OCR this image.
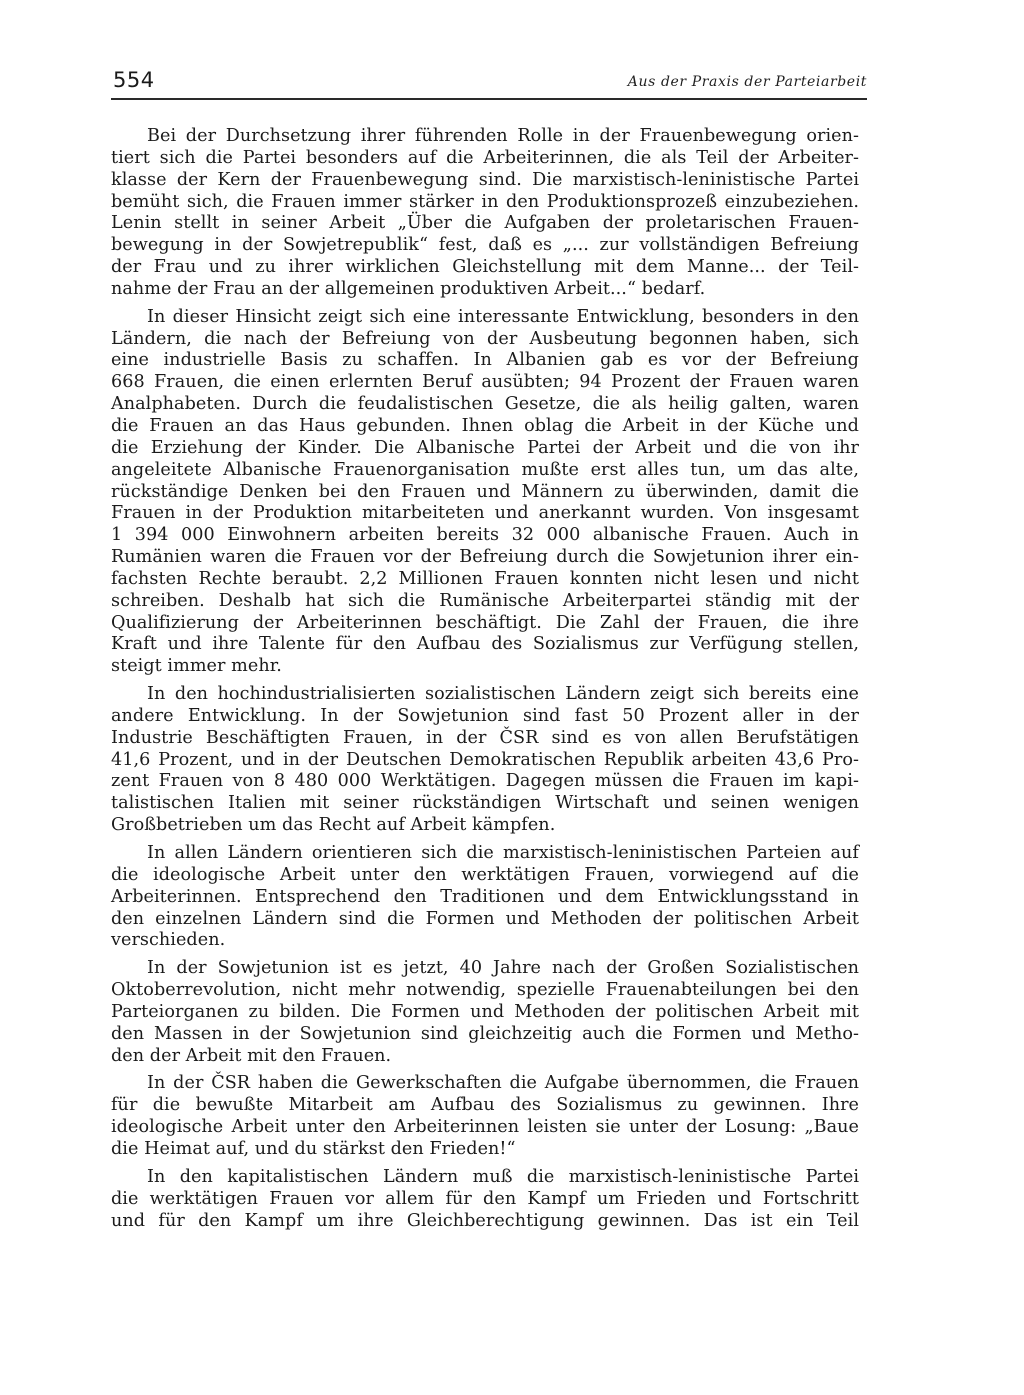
554	Aus der Praxis der Parteiarbeit
Bei der Durchsetzung ihrer führenden Rolle in der Frauenbewegung orien-
tiert sich die Partei besonders auf die Arbeiterinnen, die als Teil der Arbeiter-
klasse der Kern der Frauenbewegung sind. Die marxistisch-leninistische Partei
bemüht sich, die Frauen immer stärker in den Produktionsprozeß einzubeziehen.
Lenin stellt in seiner Arbeit „Über die Aufgaben der proletarischen Frauen-
bewegung in der Sowjetrepublik“ fest, daß es „... zur vollständigen Befreiung
der Frau und zu ihrer wirklichen Gleichstellung mit dem Manne... der Teil-
nahme der Frau an der allgemeinen produktiven Arbeit...“ bedarf.
In dieser Hinsicht zeigt sich eine interessante Entwicklung, besonders in den
Ländern, die nach der Befreiung von der Ausbeutung begonnen haben, sich
eine industrielle Basis zu schaffen. In Albanien gab es vor der Befreiung
668 Frauen, die einen erlernten Beruf ausübten; 94 Prozent der Frauen waren
Analphabeten. Durch die feudalistischen Gesetze, die als heilig galten, waren
die Frauen an das Haus gebunden. Ihnen oblag die Arbeit in der Küche und
die Erziehung der Kinder. Die Albanische Partei der Arbeit und die von ihr
angeleitete Albanische Frauenorganisation mußte erst alles tun, um das alte,
rückständige Denken bei den Frauen und Männern zu überwinden, damit die
Frauen in der Produktion mitarbeiteten und anerkannt wurden. Von insgesamt
1 394 000 Einwohnern arbeiten bereits 32 000 albanische Frauen. Auch in
Rumänien waren die Frauen vor der Befreiung durch die Sowjetunion ihrer ein-
fachsten Rechte beraubt. 2,2 Millionen Frauen konnten nicht lesen und nicht
schreiben. Deshalb hat sich die Rumänische Arbeiterpartei ständig mit der
Qualifizierung der Arbeiterinnen beschäftigt. Die Zahl der Frauen, die ihre
Kraft und ihre Talente für den Aufbau des Sozialismus zur Verfügung stellen,
steigt immer mehr.
In den hochindustrialisierten sozialistischen Ländern zeigt sich bereits eine
andere Entwicklung. In der Sowjetunion sind fast 50 Prozent aller in der
Industrie Beschäftigten Frauen, in der ČSR sind es von allen Berufstätigen
41,6 Prozent, und in der Deutschen Demokratischen Republik arbeiten 43,6 Pro-
zent Frauen von 8 480 000 Werktätigen. Dagegen müssen die Frauen im kapi-
talistischen Italien mit seiner rückständigen Wirtschaft und seinen wenigen
Großbetrieben um das Recht auf Arbeit kämpfen.
In allen Ländern orientieren sich die marxistisch-leninistischen Parteien auf
die ideologische Arbeit unter den werktätigen Frauen, vorwiegend auf die
Arbeiterinnen. Entsprechend den Traditionen und dem Entwicklungsstand in
den einzelnen Ländern sind die Formen und Methoden der politischen Arbeit
verschieden.
In der Sowjetunion ist es jetzt, 40 Jahre nach der Großen Sozialistischen
Oktoberrevolution, nicht mehr notwendig, spezielle Frauenabteilungen bei den
Parteiorganen zu bilden. Die Formen und Methoden der politischen Arbeit mit
den Massen in der Sowjetunion sind gleichzeitig auch die Formen und Metho-
den der Arbeit mit den Frauen.
In der ČSR haben die Gewerkschaften die Aufgabe übernommen, die Frauen
für die bewußte Mitarbeit am Aufbau des Sozialismus zu gewinnen. Ihre
ideologische Arbeit unter den Arbeiterinnen leisten sie unter der Losung: „Baue
die Heimat auf, und du stärkst den Frieden!“
In den kapitalistischen Ländern muß die marxistisch-leninistische Partei
die werktätigen Frauen vor allem für den Kampf um Frieden und Fortschritt
und für den Kampf um ihre Gleichberechtigung gewinnen. Das ist ein Teil
